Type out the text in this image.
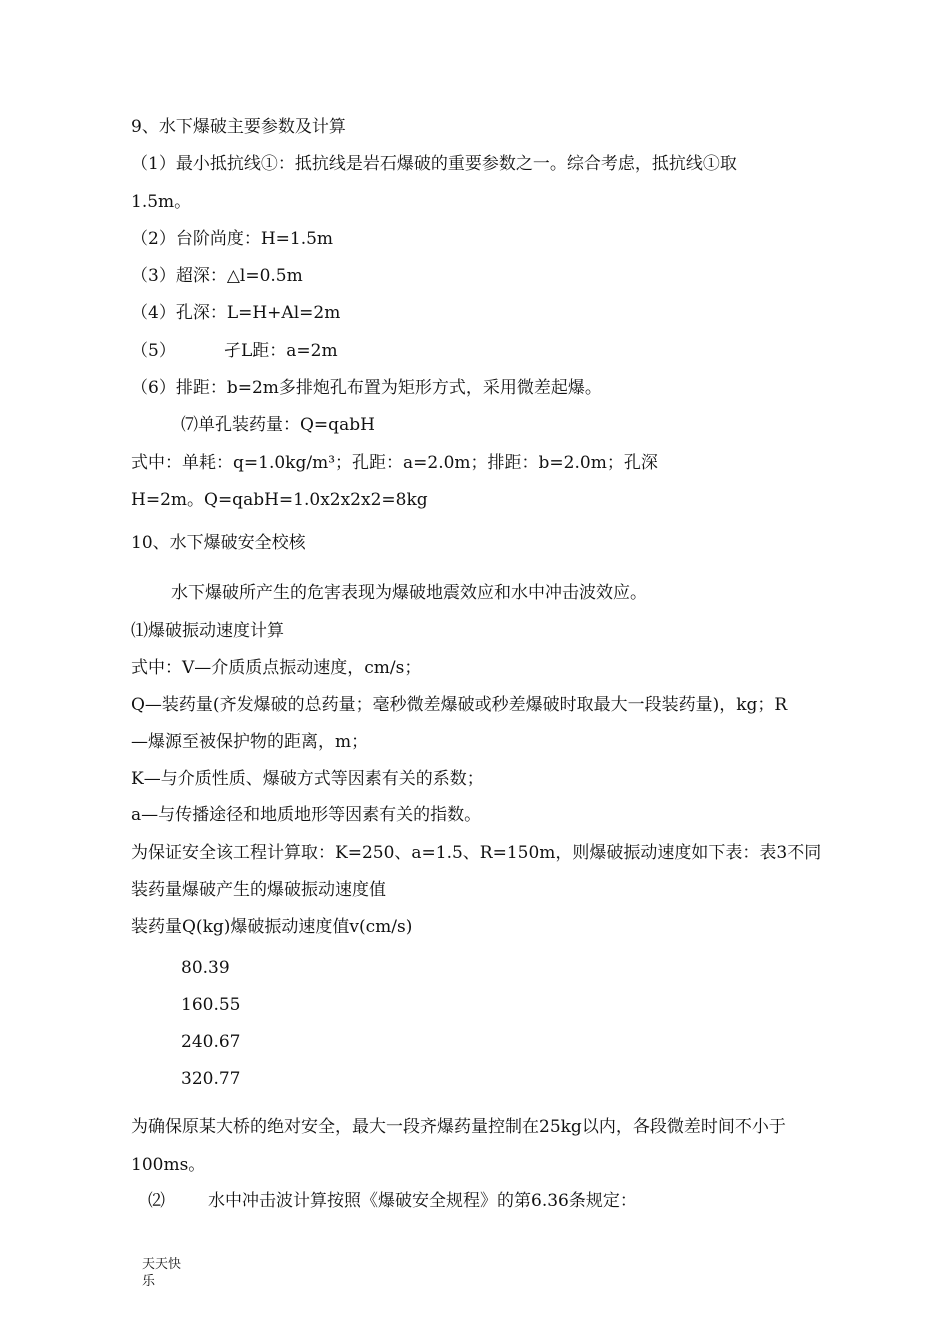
9、水下爆破主要参数及计算
（1）最小抵抗线①：抵抗线是岩石爆破的重要参数之一。综合考虑，抵抗线①取
1.5m。
（2）台阶尚度：H=1.5m
（3）超深：△l=0.5m
（4）孔深：L=H+Al=2m
（5）	孑L距：a=2m
（6）排距：b=2m多排炮孔布置为矩形方式，采用微差起爆。
⑺单孔装药量：Q=qabH
式中：单耗：q=1.0kg/m³；孔距：a=2.0m；排距：b=2.0m；孔深
H=2m。Q=qabH=1.0x2x2x2=8kg
10、水下爆破安全校核
水下爆破所产生的危害表现为爆破地震效应和水中冲击波效应。
⑴爆破振动速度计算
式中：V—介质质点振动速度，cm/s；
Q—装药量(齐发爆破的总药量；毫秒微差爆破或秒差爆破时取最大一段装药量)，kg；R
—爆源至被保护物的距离，m；
K—与介质性质、爆破方式等因素有关的系数；
a—与传播途径和地质地形等因素有关的指数。
为保证安全该工程计算取：K=250、a=1.5、R=150m，则爆破振动速度如下表：表3不同
装药量爆破产生的爆破振动速度值
装药量Q(kg)爆破振动速度值v(cm/s)
80.39
160.55
240.67
320.77
为确保原某大桥的绝对安全，最大一段齐爆药量控制在25kg以内，各段微差时间不小于
100ms。
⑵	水中冲击波计算按照《爆破安全规程》的第6.36条规定：
天天快
乐
